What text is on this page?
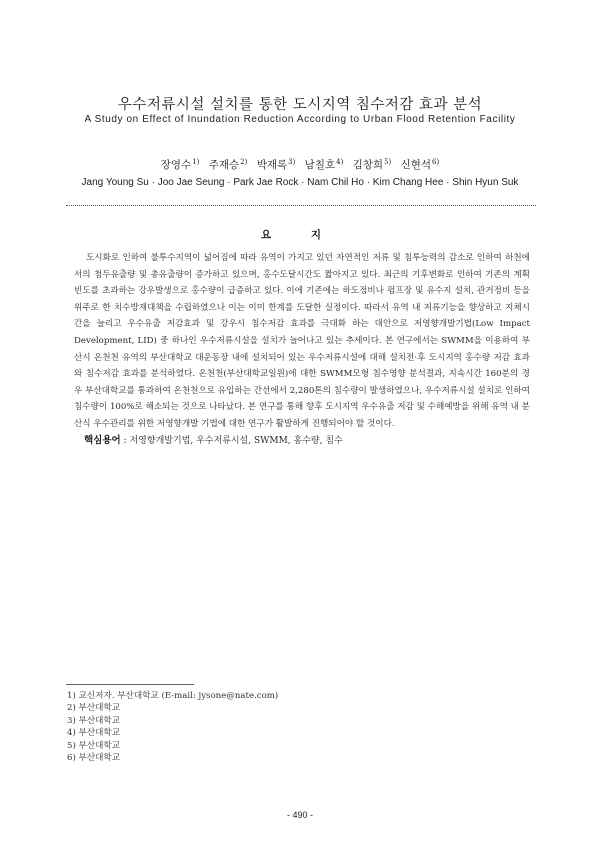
우수저류시설 설치를 통한 도시지역 침수저감 효과 분석
A Study on Effect of Inundation Reduction According to Urban Flood Retention Facility
장영수$^{1)}$ 주재승$^{2)}$ 박재록$^{3)}$ 남칠호$^{4)}$ 김창희$^{5)}$ 신현석$^{6)}$
Jang Young Su · Joo Jae Seung · Park Jae Rock · Nam Chil Ho · Kim Chang Hee · Shin Hyun Suk
요 지

도시화로 인하여 불투수지역이 넓어짐에 따라 유역이 가지고 있던 자연적인 저류 및 침투능력의 감소로 인하여 하천에서의 첨두유출량 및 총유출량이 증가하고 있으며, 홍수도달시간도 짧아지고 있다. 최근의 기후변화로 인하여 기존의 계획빈도를 초과하는 강우발생으로 홍수량이 급증하고 있다. 이에 기존에는 하도정비나 펌프장 및 유수지 설치, 관거정비 등을 위주로 한 치수방재대책을 수립하였으나 이는 이미 한계를 도달한 실정이다. 따라서 유역 내 저류기능을 향상하고 지체시간을 늘리고 우수유출 저감효과 및 강우시 침수저감 효과를 극대화 하는 대안으로 저영향개발기법(Low Impact Development, LID) 중 하나인 우수저류시설을 설치가 늘어나고 있는 추세이다. 본 연구에서는 SWMM을 이용하여 부산시 온천천 유역의 부산대학교 대운동장 내에 설치되어 있는 우수저류시설에 대해 설치전·후 도시지역 홍수량 저감 효과와 침수저감 효과를 분석하였다. 온천천(부산대학교일원)에 대한 SWMM모형 침수영향 분석결과, 지속시간 160분의 경우 부산대학교를 통과하여 온천천으로 유입하는 간선에서 2,280톤의 침수량이 발생하였으나, 우수저류시설 설치로 인하여 침수량이 100%로 해소되는 것으로 나타났다. 본 연구를 통해 향후 도시지역 우수유출 저감 및 수해예방을 위해 유역 내 분산식 우수관리를 위한 저영향개발 기법에 대한 연구가 활발하게 진행되어야 할 것이다.

핵심용어 : 저영향개발기법, 우수저류시설, SWMM, 홍수량, 침수
1) 교신저자. 부산대학교 (E-mail: jysone@nate.com)
2) 부산대학교
3) 부산대학교
4) 부산대학교
5) 부산대학교
6) 부산대학교
- 490 -
